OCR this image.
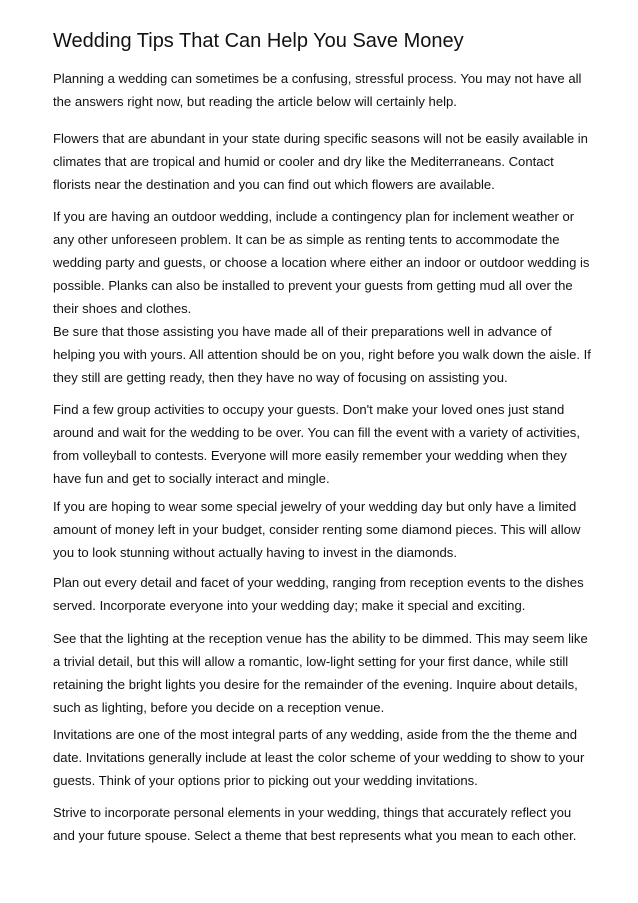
Wedding Tips That Can Help You Save Money
Planning a wedding can sometimes be a confusing, stressful process. You may not have all
the answers right now, but reading the article below will certainly help.
Flowers that are abundant in your state during specific seasons will not be easily available in
climates that are tropical and humid or cooler and dry like the Mediterraneans. Contact
florists near the destination and you can find out which flowers are available.
If you are having an outdoor wedding, include a contingency plan for inclement weather or
any other unforeseen problem. It can be as simple as renting tents to accommodate the
wedding party and guests, or choose a location where either an indoor or outdoor wedding is
possible. Planks can also be installed to prevent your guests from getting mud all over the
their shoes and clothes.
Be sure that those assisting you have made all of their preparations well in advance of
helping you with yours. All attention should be on you, right before you walk down the aisle. If
they still are getting ready, then they have no way of focusing on assisting you.
Find a few group activities to occupy your guests. Don't make your loved ones just stand
around and wait for the wedding to be over. You can fill the event with a variety of activities,
from volleyball to contests. Everyone will more easily remember your wedding when they
have fun and get to socially interact and mingle.
If you are hoping to wear some special jewelry of your wedding day but only have a limited
amount of money left in your budget, consider renting some diamond pieces. This will allow
you to look stunning without actually having to invest in the diamonds.
Plan out every detail and facet of your wedding, ranging from reception events to the dishes
served. Incorporate everyone into your wedding day; make it special and exciting.
See that the lighting at the reception venue has the ability to be dimmed. This may seem like
a trivial detail, but this will allow a romantic, low-light setting for your first dance, while still
retaining the bright lights you desire for the remainder of the evening. Inquire about details,
such as lighting, before you decide on a reception venue.
Invitations are one of the most integral parts of any wedding, aside from the the theme and
date. Invitations generally include at least the color scheme of your wedding to show to your
guests. Think of your options prior to picking out your wedding invitations.
Strive to incorporate personal elements in your wedding, things that accurately reflect you
and your future spouse. Select a theme that best represents what you mean to each other.
